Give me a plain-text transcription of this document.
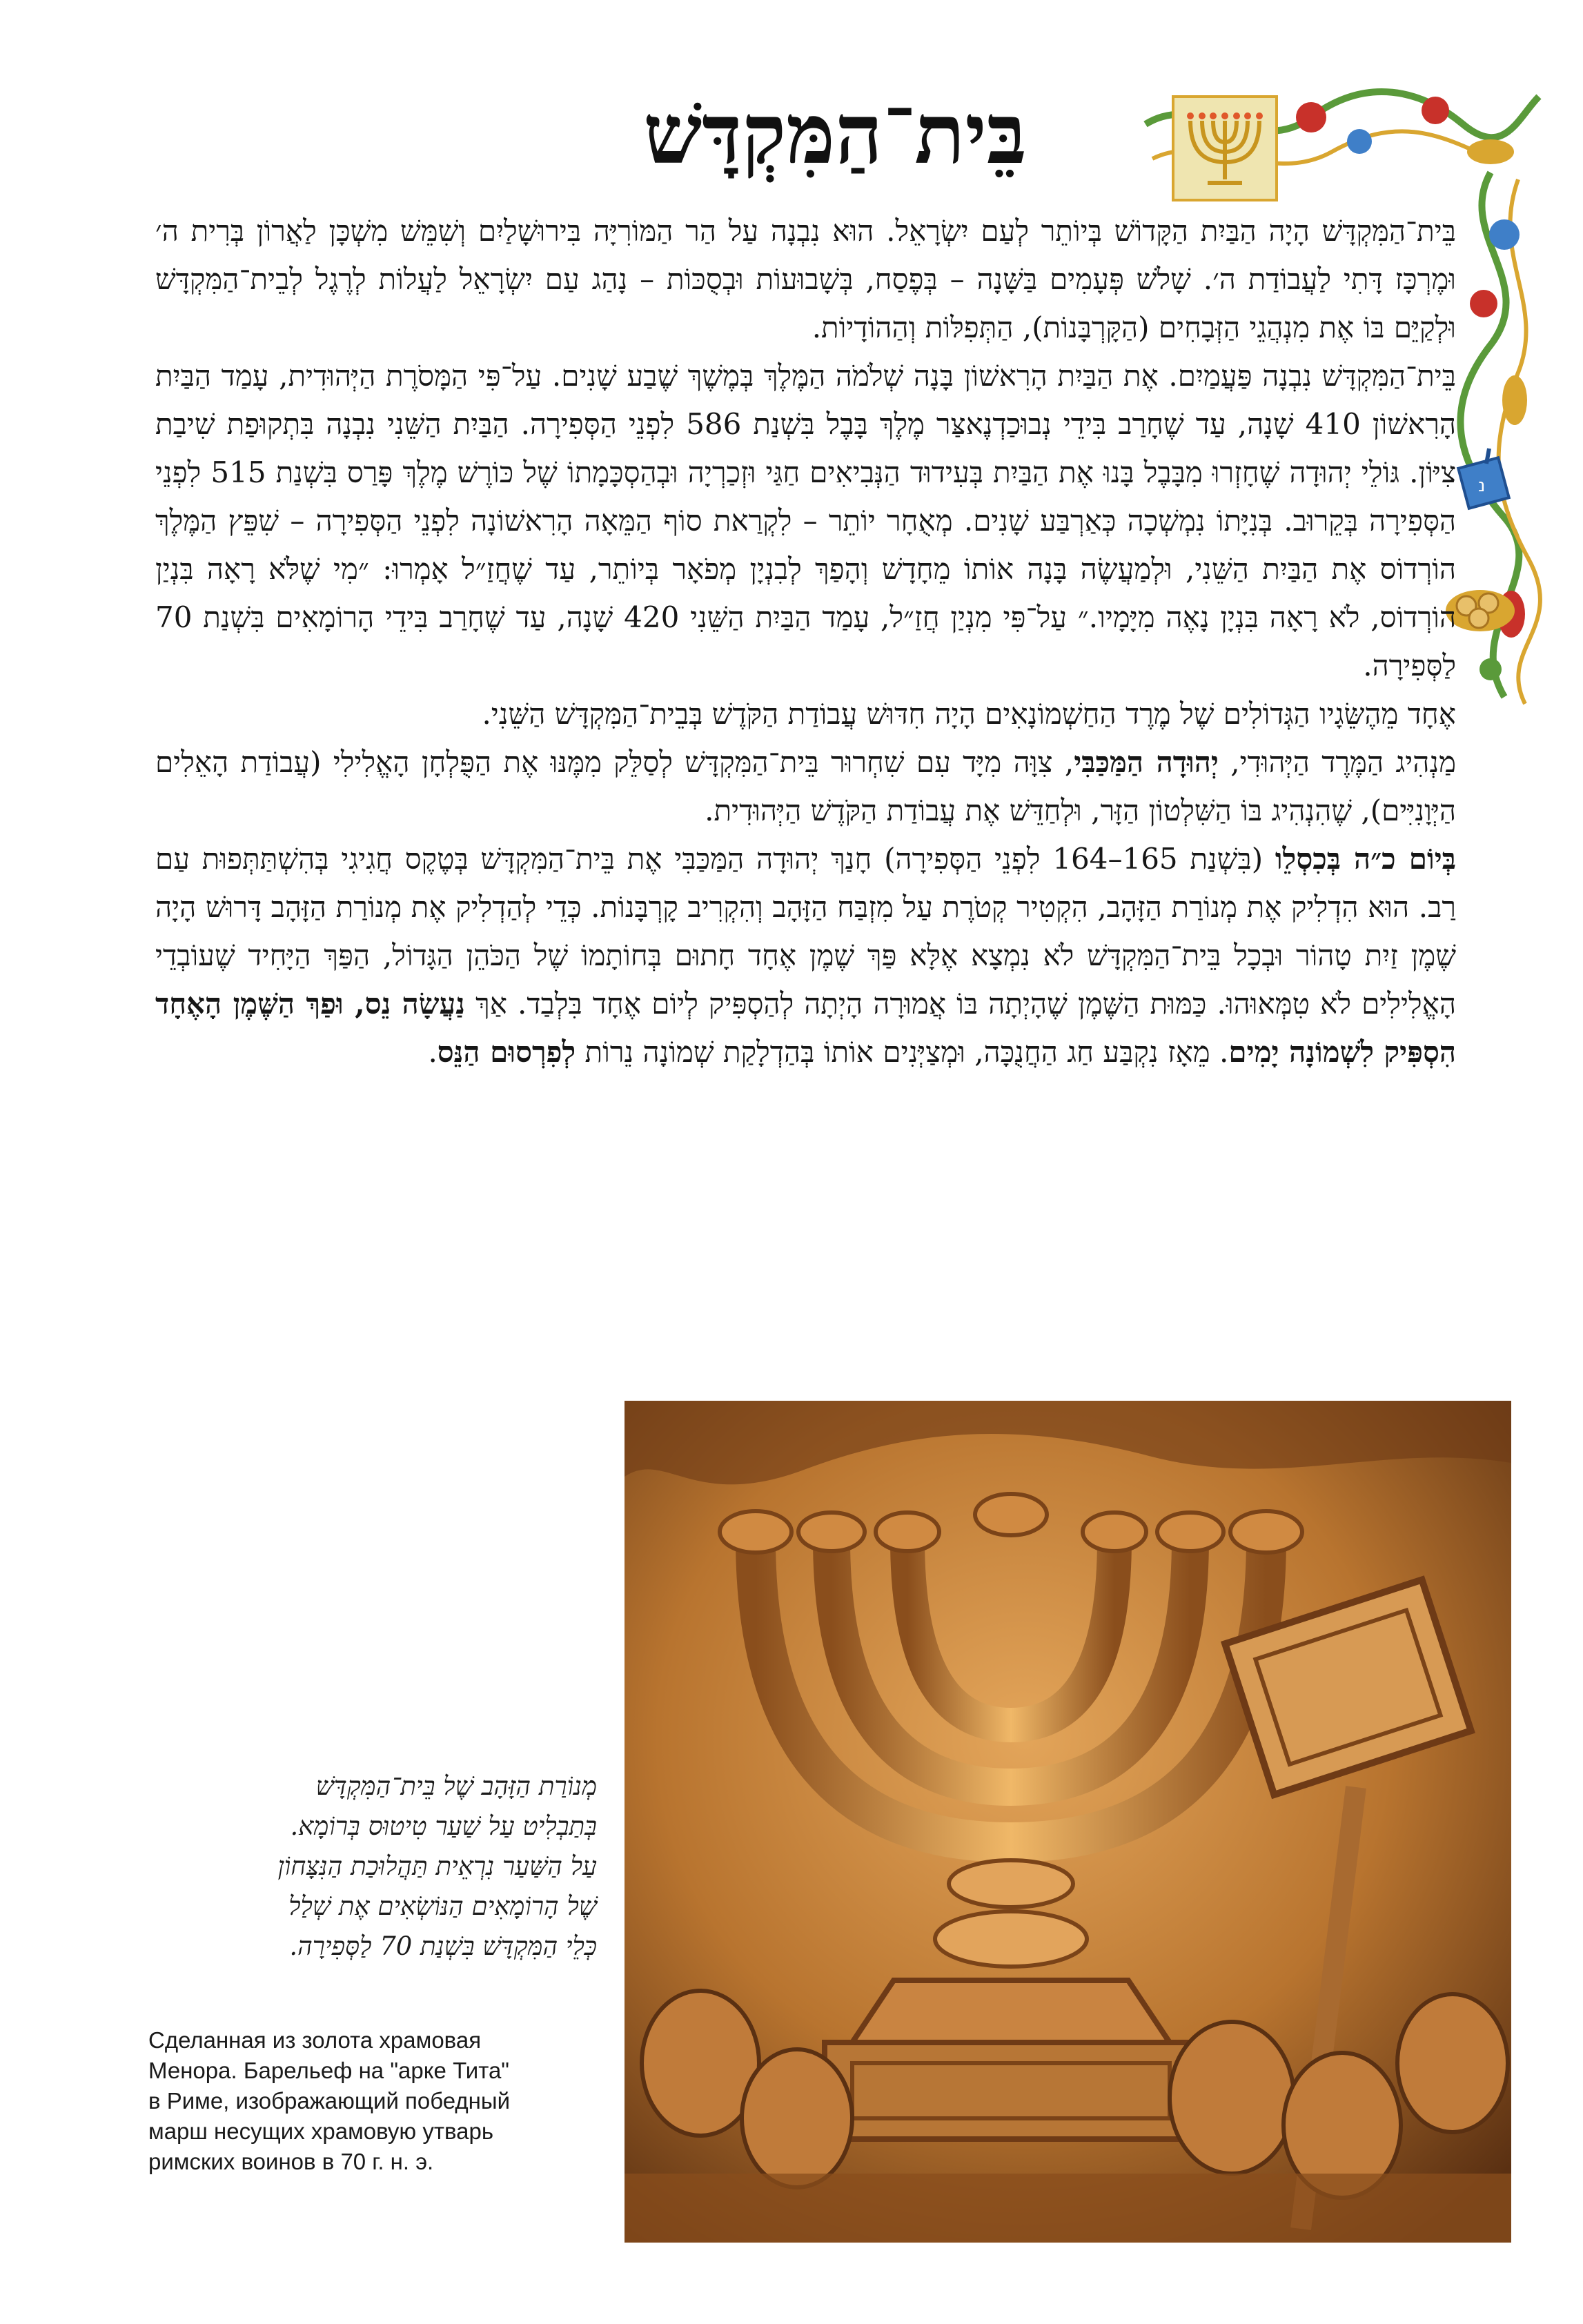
נ
בֵּית־הַמִּקְדָּשׁ

בֵּית־הַמִּקְדָּשׁ הָיָה הַבַּיִת הַקָּדוֹשׁ בְּיוֹתֵר לְעַם יִשְׂרָאֵל. הוּא נִבְנָה עַל הַר הַמּוֹרִיָּה בִּירוּשָׁלַיִם וְשִׁמֵּשׁ מִשְׁכָּן לַאֲרוֹן בְּרִית ה׳ וּמֶרְכָּז דָּתִי לַעֲבוֹדַת ה׳. שָׁלֹשׁ פְּעָמִים בַּשָּׁנָה – בְּפֶסַח, בְּשָׁבוּעוֹת וּבְסֻכּוֹת – נָהַג עַם יִשְׂרָאֵל לַעֲלוֹת לְרֶגֶל לְבֵית־הַמִּקְדָּשׁ וּלְקַיֵּם בּוֹ אֶת מִנְהֲגֵי הַזְּבָחִים (הַקָּרְבָּנוֹת), הַתְּפִלּוֹת וְהַהוֹדָיוֹת.

בֵּית־הַמִּקְדָּשׁ נִבְנָה פַּעֲמַיִם. אֶת הַבַּיִת הָרִאשׁוֹן בָּנָה שְׁלֹמֹה הַמֶּלֶךְ בְּמֶשֶׁךְ שֶׁבַע שָׁנִים. עַל־פִּי הַמָּסֹרֶת הַיְּהוּדִית, עָמַד הַבַּיִת הָרִאשׁוֹן 410 שָׁנָה, עַד שֶׁחָרַב בִּידֵי נְבוּכַדְנֶאצַּר מֶלֶךְ בָּבֶל בִּשְׁנַת 586 לִפְנֵי הַסְּפִירָה. הַבַּיִת הַשֵּׁנִי נִבְנָה בִּתְקוּפַת שִׁיבַת צִיּוֹן. גּוֹלֵי יְהוּדָה שֶׁחָזְרוּ מִבָּבֶל בָּנוּ אֶת הַבַּיִת בְּעִידוּד הַנְּבִיאִים חַגַּי וּזְכַרְיָה וּבְהַסְכָּמָתוֹ שֶׁל כּוֹרֶשׁ מֶלֶךְ פָּרַס בִּשְׁנַת 515 לִפְנֵי הַסְּפִירָה בְּקֵרוּב. בְּנִיָּתוֹ נִמְשְׁכָה כְּאַרְבַּע שָׁנִים. מְאֻחָר יוֹתֵר – לִקְרַאת סוֹף הַמֵּאָה הָרִאשׁוֹנָה לִפְנֵי הַסְּפִירָה – שִׁפֵּץ הַמֶּלֶךְ הוֹרְדוֹס אֶת הַבַּיִת הַשֵּׁנִי, וּלְמַעֲשֶׂה בָּנָה אוֹתוֹ מֵחָדָשׁ וְהָפַךְ לְבִנְיָן מְפֹאָר בְּיוֹתֵר, עַד שֶׁחֲזַ״ל אָמְרוּ: ״מִי שֶׁלֹּא רָאָה בִּנְיַן הוֹרְדוֹס, לֹא רָאָה בִּנְיָן נָאֶה מִיָּמָיו.״ עַל־פִּי מִנְיַן חֲזַ״ל, עָמַד הַבַּיִת הַשֵּׁנִי 420 שָׁנָה, עַד שֶׁחָרַב בִּידֵי הָרוֹמָאִים בִּשְׁנַת 70 לַסְּפִירָה.

אֶחָד מֵהֶשֵּׂגָיו הַגְּדוֹלִים שֶׁל מֶרֶד הַחַשְׁמוֹנָאִים הָיָה חִדּוּשׁ עֲבוֹדַת הַקֹּדֶשׁ בְּבֵית־הַמִּקְדָּשׁ הַשֵּׁנִי.

מַנְהִיג הַמֶּרֶד הַיְּהוּדִי, יְהוּדָה הַמַּכַּבִּי, צִוָּה מִיָּד עִם שִׁחְרוּר בֵּית־הַמִּקְדָּשׁ לְסַלֵּק מִמֶּנּוּ אֶת הַפֻּלְחָן הָאֱלִילִי (עֲבוֹדַת הָאֵלִים הַיְּוָנִיִּים), שֶׁהִנְהִיג בּוֹ הַשִּׁלְטוֹן הַזָּר, וּלְחַדֵּשׁ אֶת עֲבוֹדַת הַקֹּדֶשׁ הַיְּהוּדִית.

בְּיוֹם כ״ה בְּכִסְלֵו (בִּשְׁנַת 165–164 לִפְנֵי הַסְּפִירָה) חָנַךְ יְהוּדָה הַמַּכַּבִּי אֶת בֵּית־הַמִּקְדָּשׁ בְּטֶקֶס חֲגִיגִי בְּהִשְׁתַּתְּפוּת עַם רַב. הוּא הִדְלִיק אֶת מְנוֹרַת הַזָּהָב, הִקְטִיר קְטֹרֶת עַל מִזְבַּח הַזָּהָב וְהִקְרִיב קָרְבָּנוֹת. כְּדֵי לְהַדְלִיק אֶת מְנוֹרַת הַזָּהָב דָּרוּשׁ הָיָה שֶׁמֶן זַיִת טָהוֹר וּבְכָל בֵּית־הַמִּקְדָּשׁ לֹא נִמְצָא אֶלָּא פַּךְ שֶׁמֶן אֶחָד חָתוּם בְּחוֹתָמוֹ שֶׁל הַכֹּהֵן הַגָּדוֹל, הַפַּךְ הַיָּחִיד שֶׁעוֹבְדֵי הָאֱלִילִים לֹא טִמְּאוּהוּ. כַּמּוּת הַשֶּׁמֶן שֶׁהָיְתָה בּוֹ אֲמוּרָה הָיְתָה לְהַסְפִּיק לְיוֹם אֶחָד בִּלְבַד. אַךְ נַעֲשָׂה נֵס, וּפַךְ הַשֶּׁמֶן הָאֶחָד הִסְפִּיק לִשְׁמוֹנָה יָמִים. מֵאָז נִקְבַּע חַג הַחֲנֻכָּה, וּמְצַיְּנִים אוֹתוֹ בְּהַדְלָקַת שְׁמוֹנָה נֵרוֹת לְפִרְסוּם הַנֵּס.

מְנוֹרַת הַזָּהָב שֶׁל בֵּית־הַמִּקְדָּשׁ
בְּתַבְלִיט עַל שַׁעַר טִיטוּס בְּרוֹמָא.
עַל הַשַּׁעַר נִרְאֵית תַּהֲלוּכַת הַנִּצָּחוֹן
שֶׁל הָרוֹמָאִים הַנּוֹשְׂאִים אֶת שְׁלַל
כְּלֵי הַמִּקְדָּשׁ בִּשְׁנַת 70 לַסְּפִירָה.
Сделанная из золота храмовая
Менора. Барельеф на "арке Тита"
в Риме, изображающий победный
марш несущих храмовую утварь
римских воинов в 70 г. н. э.
